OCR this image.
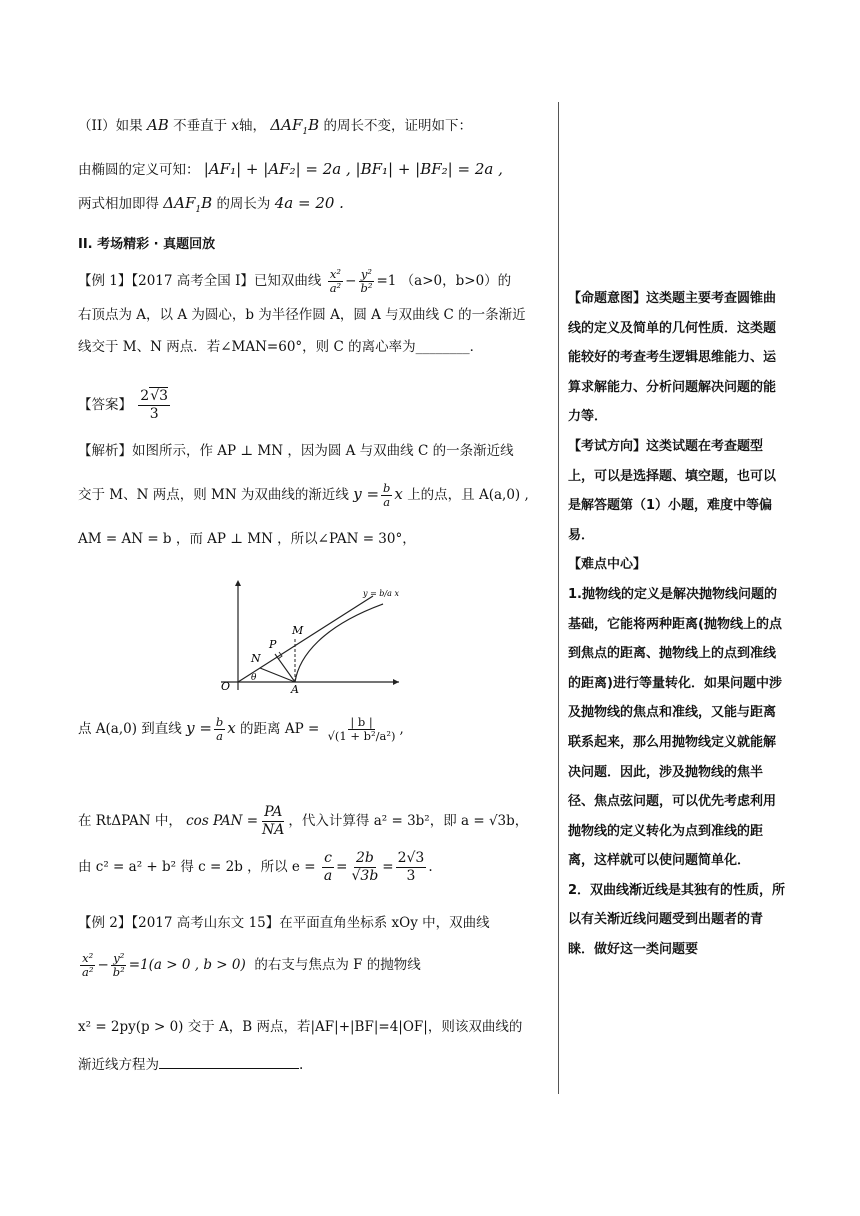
（II）如果 AB 不垂直于 x轴， $\Delta AF_1B$ 的周长不变，证明如下：
由椭圆的定义可知： |AF₁| + |AF₂| = 2a , |BF₁| + |BF₂| = 2a ,
两式相加即得 $\Delta AF_1B$ 的周长为 4a = 20 .
II. 考场精彩 · 真题回放
【例 1】【2017 高考全国 I】已知双曲线 $\frac{\text{x²}}{\text{a²}} - \frac{\text{y²}}{\text{b²}} =1$ （a>0，b>0）的
右顶点为 A，以 A 为圆心，b 为半径作圆 A，圆 A 与双曲线 C 的一条渐近
线交于 M、N 两点．若∠MAN=60°，则 C 的离心率为________．
【答案】 $\frac{2√3}{3}$
【解析】如图所示，作 AP ⊥ MN ，因为圆 A 与双曲线 C 的一条渐近线
交于 M、N 两点，则 MN 为双曲线的渐近线 $y = \frac{b}{a}$ x 上的点，且 A(a,0) ,
AM = AN = b ，而 AP ⊥ MN ，所以∠PAN = 30°，
点 A(a,0) 到直线 $y = \frac{b}{a}$ x 的距离 AP = $\frac{| b |}{\text{√(1 + b²/a²)}}$ ,
在 RtΔPAN 中， cos PAN = $\frac{PA}{NA}$ ，代入计算得 a² = 3b²，即 a = √3b，
由 c² = a² + b² 得 c = 2b ，所以 $e = \frac{c}{a} = \frac{2b}{√3b} = \frac{2√3}{3}$ .
【例 2】【2017 高考山东文 15】在平面直角坐标系 xOy 中，双曲线
$\frac{\text{x²}}{\text{a²}} - \frac{\text{y²}}{\text{b²}} =1(a > 0$ , b > 0) 的右支与焦点为 F 的抛物线
x² = 2py(p > 0) 交于 A，B 两点，若|AF|+|BF|=4|OF|，则该双曲线的
渐近线方程为	.
O
θ
A
N
P
M
y = b/a x

【命题意图】这类题主要考查圆锥曲线的定义及简单的几何性质．这类题能较好的考查考生逻辑思维能力、运算求解能力、分析问题解决问题的能力等．

【考试方向】这类试题在考查题型上，可以是选择题、填空题，也可以是解答题第（1）小题，难度中等偏易．

【难点中心】

1.抛物线的定义是解决抛物线问题的基础，它能将两种距离(抛物线上的点到焦点的距离、抛物线上的点到准线的距离)进行等量转化．如果问题中涉及抛物线的焦点和准线，又能与距离联系起来，那么用抛物线定义就能解决问题．因此，涉及抛物线的焦半径、焦点弦问题，可以优先考虑利用抛物线的定义转化为点到准线的距离，这样就可以使问题简单化．

2．双曲线渐近线是其独有的性质，所以有关渐近线问题受到出题者的青睐．做好这一类问题要
